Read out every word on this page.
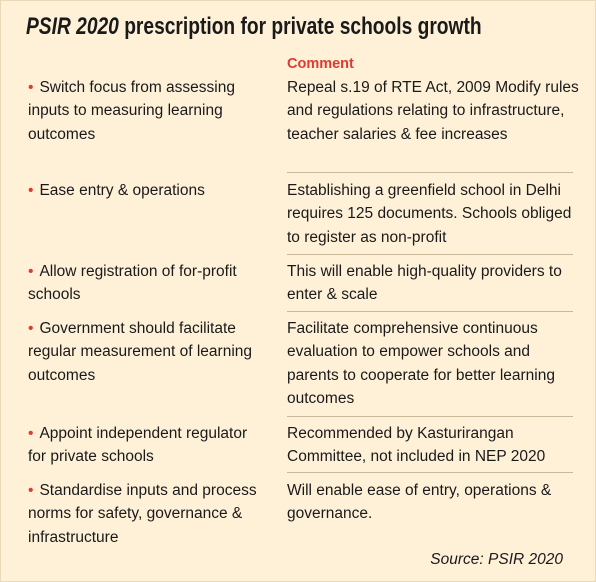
PSIR 2020 prescription for private schools growth
Comment
• Switch focus from assessing inputs to measuring learning outcomes
Repeal s.19 of RTE Act, 2009 Modify rules and regulations relating to infrastructure, teacher salaries & fee increases
• Ease entry & operations	Establishing a greenfield school in Delhi requires 125 documents. Schools obliged to register as non-profit
• Allow registration of for-profit schools
This will enable high-quality providers to enter & scale
• Government should facilitate regular measurement of learning outcomes
Facilitate comprehensive continuous evaluation to empower schools and parents to cooperate for better learning outcomes
• Appoint independent regulator for private schools
Recommended by Kasturirangan Committee, not included in NEP 2020
• Standardise inputs and process norms for safety, governance & infrastructure
Will enable ease of entry, operations & governance.
Source: PSIR 2020
